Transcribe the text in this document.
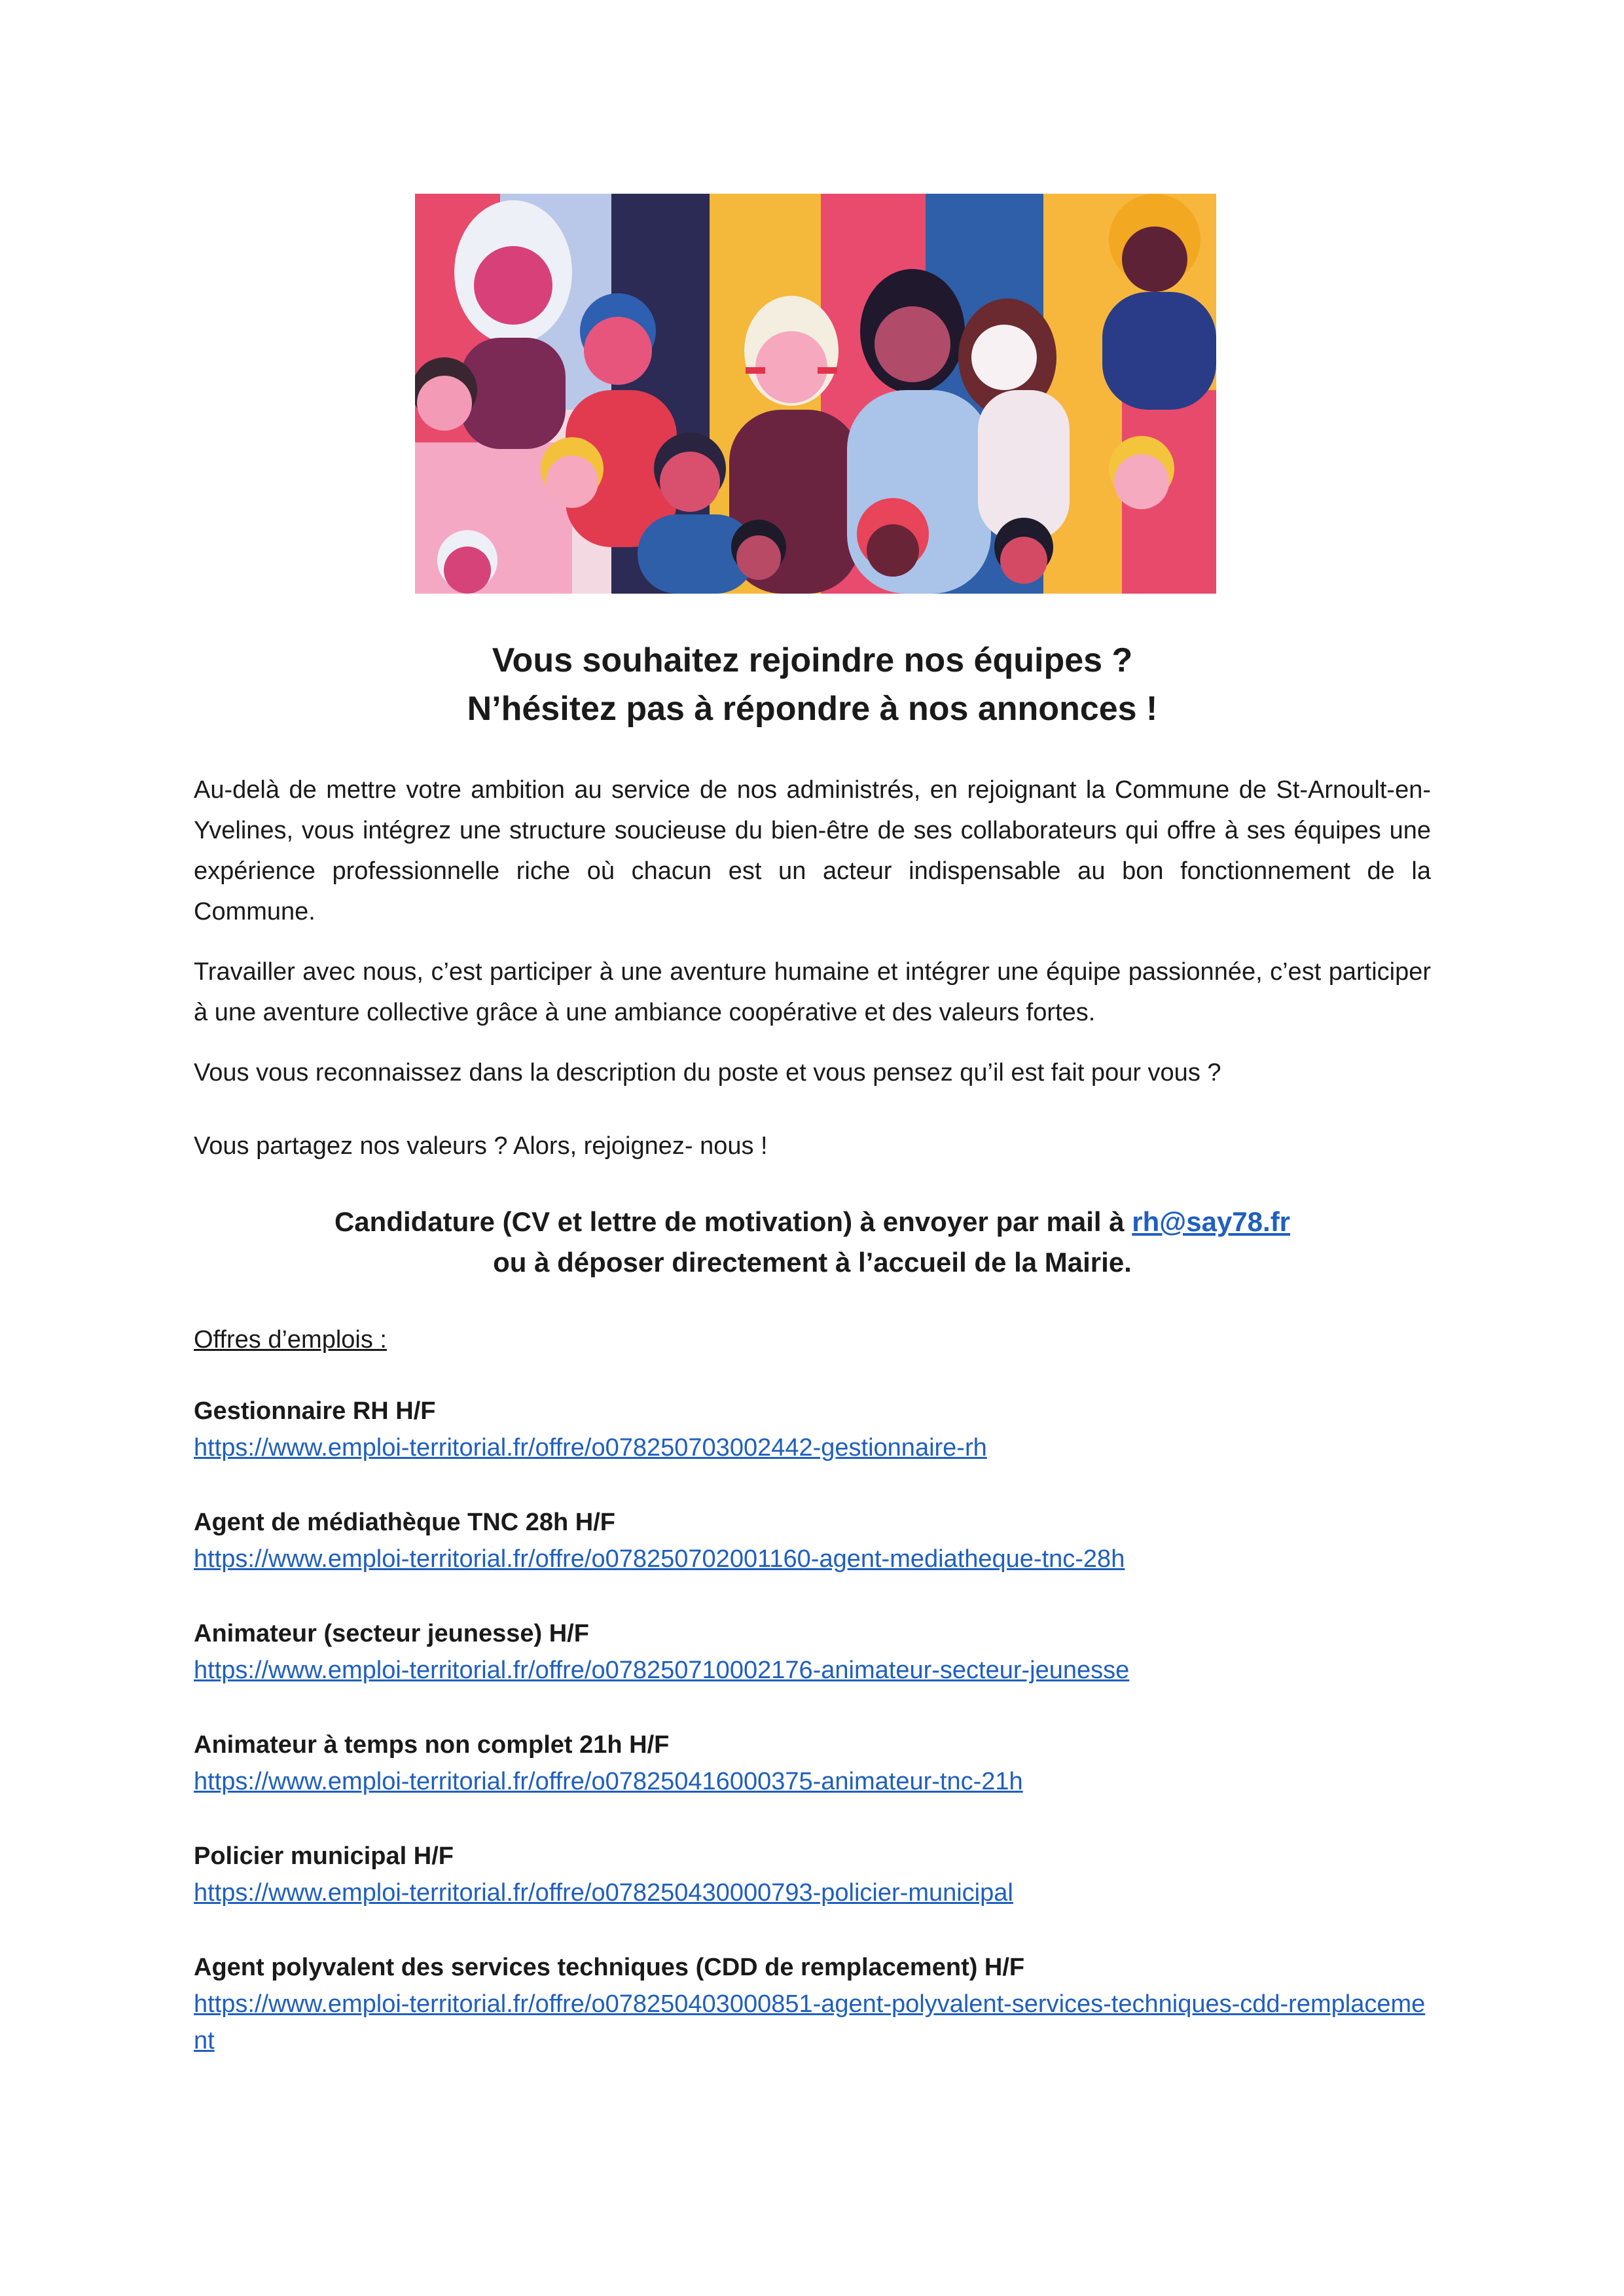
Vous souhaitez rejoindre nos équipes ?
N’hésitez pas à répondre à nos annonces !

Au-delà de mettre votre ambition au service de nos administrés, en rejoignant la Commune de St-Arnoult-en-Yvelines, vous intégrez une structure soucieuse du bien-être de ses collaborateurs qui offre à ses équipes une expérience professionnelle riche où chacun est un acteur indispensable au bon fonctionnement de la Commune.

Travailler avec nous, c’est participer à une aventure humaine et intégrer une équipe passionnée, c’est participer à une aventure collective grâce à une ambiance coopérative et des valeurs fortes.

Vous vous reconnaissez dans la description du poste et vous pensez qu’il est fait pour vous ?

Vous partagez nos valeurs ? Alors, rejoignez- nous !

Candidature (CV et lettre de motivation) à envoyer par mail à rh@say78.fr
ou à déposer directement à l’accueil de la Mairie.
Offres d’emplois :
Gestionnaire RH H/F
https://www.emploi-territorial.fr/offre/o078250703002442-gestionnaire-rh
Agent de médiathèque TNC 28h H/F
https://www.emploi-territorial.fr/offre/o078250702001160-agent-mediatheque-tnc-28h
Animateur (secteur jeunesse) H/F
https://www.emploi-territorial.fr/offre/o078250710002176-animateur-secteur-jeunesse
Animateur à temps non complet 21h H/F
https://www.emploi-territorial.fr/offre/o078250416000375-animateur-tnc-21h
Policier municipal H/F
https://www.emploi-territorial.fr/offre/o078250430000793-policier-municipal
Agent polyvalent des services techniques (CDD de remplacement) H/F
https://www.emploi-territorial.fr/offre/o078250403000851-agent-polyvalent-services-techniques-cdd-remplacement
